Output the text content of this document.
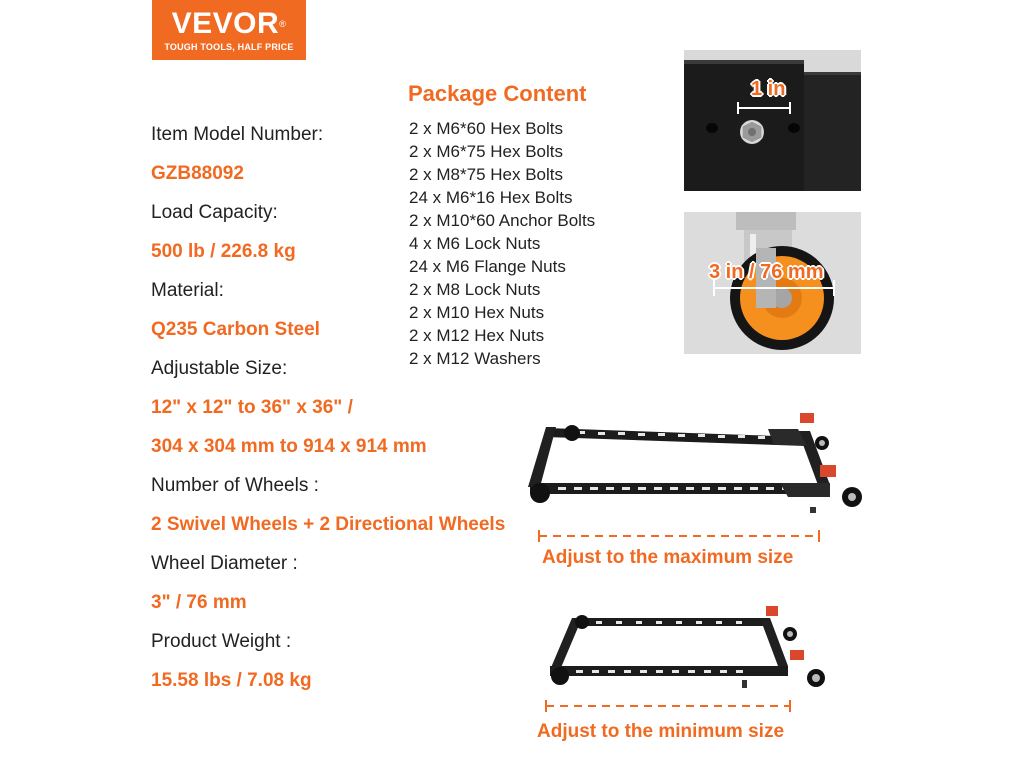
VEVOR®
TOUGH TOOLS, HALF PRICE
Item Model Number:
GZB88092
Load Capacity:
500 lb / 226.8 kg
Material:
Q235 Carbon Steel
Adjustable Size:
12" x 12" to 36" x 36" /
304 x 304 mm to 914 x 914 mm
Number of Wheels :
2 Swivel Wheels + 2 Directional Wheels
Wheel Diameter :
3" / 76 mm
Product Weight :
15.58 lbs / 7.08 kg
Package Content
2 x M6*60 Hex Bolts
2 x M6*75 Hex Bolts
2 x M8*75 Hex Bolts
24 x M6*16 Hex Bolts
2 x M10*60 Anchor Bolts
4 x M6 Lock Nuts
24 x M6 Flange Nuts
2 x M8 Lock Nuts
2 x M10 Hex Nuts
2 x M12 Hex Nuts
2 x M12 Washers
1 in
3 in / 76 mm
Adjust to the maximum size
Adjust to the minimum size
